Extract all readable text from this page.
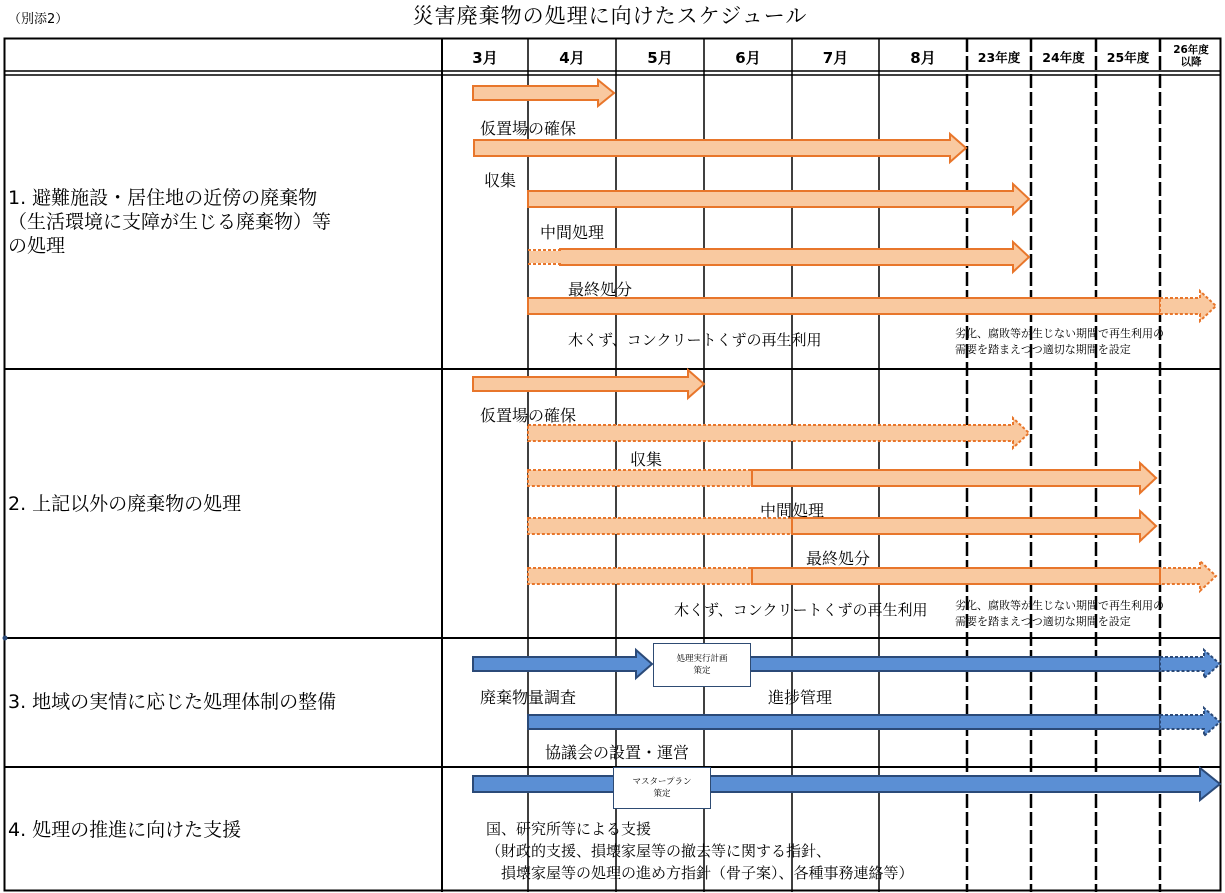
（別添2）	災害廃棄物の処理に向けたスケジュール
3月	4月	5月	6月	7月	8月	23年度	24年度	25年度	26年度
以降
1. 避難施設・居住地の近傍の廃棄物
（生活環境に支障が生じる廃棄物）等
の処理
仮置場の確保
収集
中間処理
最終処分
木くず、コンクリートくずの再生利用	劣化、腐敗等が生じない期間で再生利用の
需要を踏まえつつ適切な期間を設定
2. 上記以外の廃棄物の処理
仮置場の確保
収集
中間処理
最終処分
木くず、コンクリートくずの再生利用 劣化、腐敗等が生じない期間で再生利用の
需要を踏まえつつ適切な期間を設定
3. 地域の実情に応じた処理体制の整備
処理実行計画
策定
廃棄物量調査	進捗管理
協議会の設置・運営
4. 処理の推進に向けた支援
マスタープラン
策定
国、研究所等による支援
（財政的支援、損壊家屋等の撤去等に関する指針、
　損壊家屋等の処理の進め方指針（骨子案）、各種事務連絡等）
